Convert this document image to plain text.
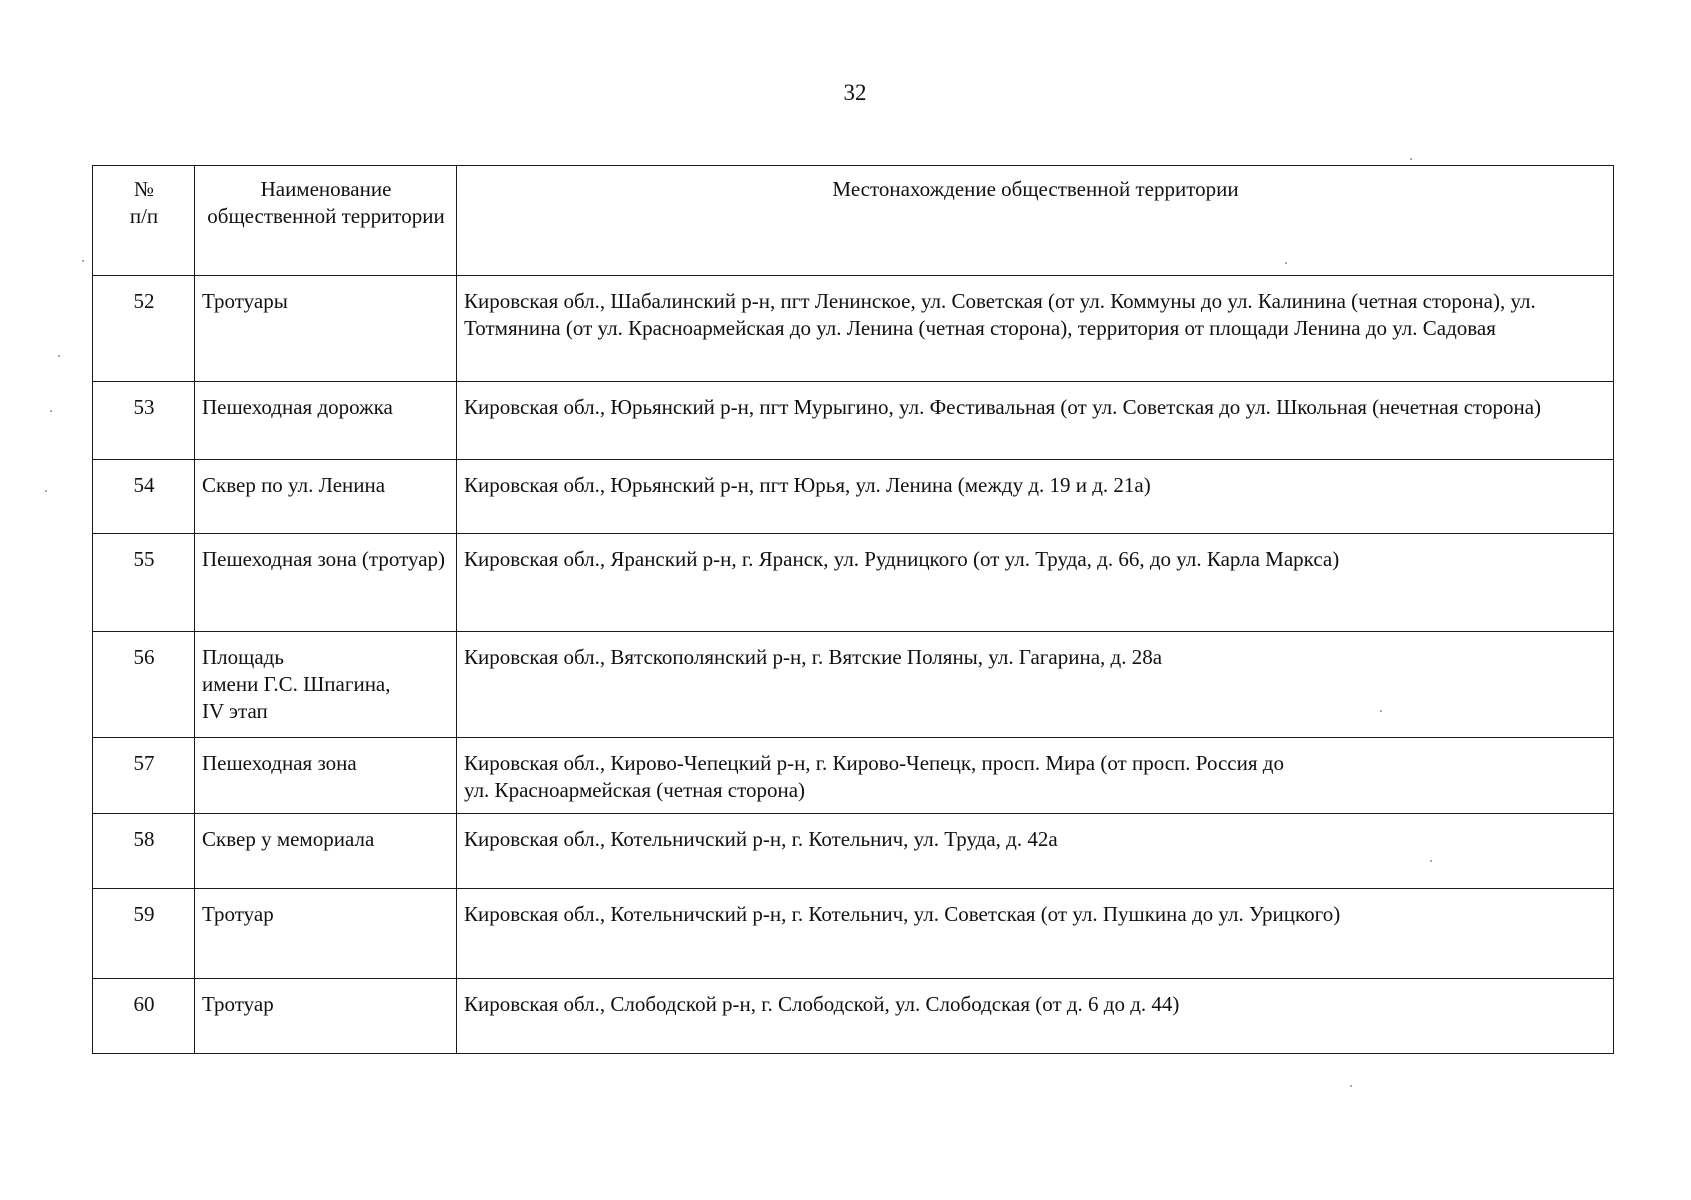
32
№
п/п	Наименование общественной территории	Местонахождение общественной территории
52	Тротуары	Кировская обл., Шабалинский р-н, пгт Ленинское, ул. Советская (от ул. Коммуны до ул. Калинина (четная сторона), ул. Тотмянина (от ул. Красноармейская до ул. Ленина (четная сторона), территория от площади Ленина до ул. Садовая
53	Пешеходная дорожка	Кировская обл., Юрьянский р-н, пгт Мурыгино, ул. Фестивальная (от ул. Советская до ул. Школьная (нечетная сторона)
54	Сквер по ул. Ленина	Кировская обл., Юрьянский р-н, пгт Юрья, ул. Ленина (между д. 19 и д. 21а)
55	Пешеходная зона (тротуар)	Кировская обл., Яранский р-н, г. Яранск, ул. Рудницкого (от ул. Труда, д. 66, до ул. Карла Маркса)
56	Площадь
имени Г.С. Шпагина,
IV этап	Кировская обл., Вятскополянский р-н, г. Вятские Поляны, ул. Гагарина, д. 28а
57	Пешеходная зона	Кировская обл., Кирово-Чепецкий р-н, г. Кирово-Чепецк, просп. Мира (от просп. Россия до
ул. Красноармейская (четная сторона)
58	Сквер у мемориала	Кировская обл., Котельничский р-н, г. Котельнич, ул. Труда, д. 42а
59	Тротуар	Кировская обл., Котельничский р-н, г. Котельнич, ул. Советская (от ул. Пушкина до ул. Урицкого)
60	Тротуар	Кировская обл., Слободской р-н, г. Слободской, ул. Слободская (от д. 6 до д. 44)
